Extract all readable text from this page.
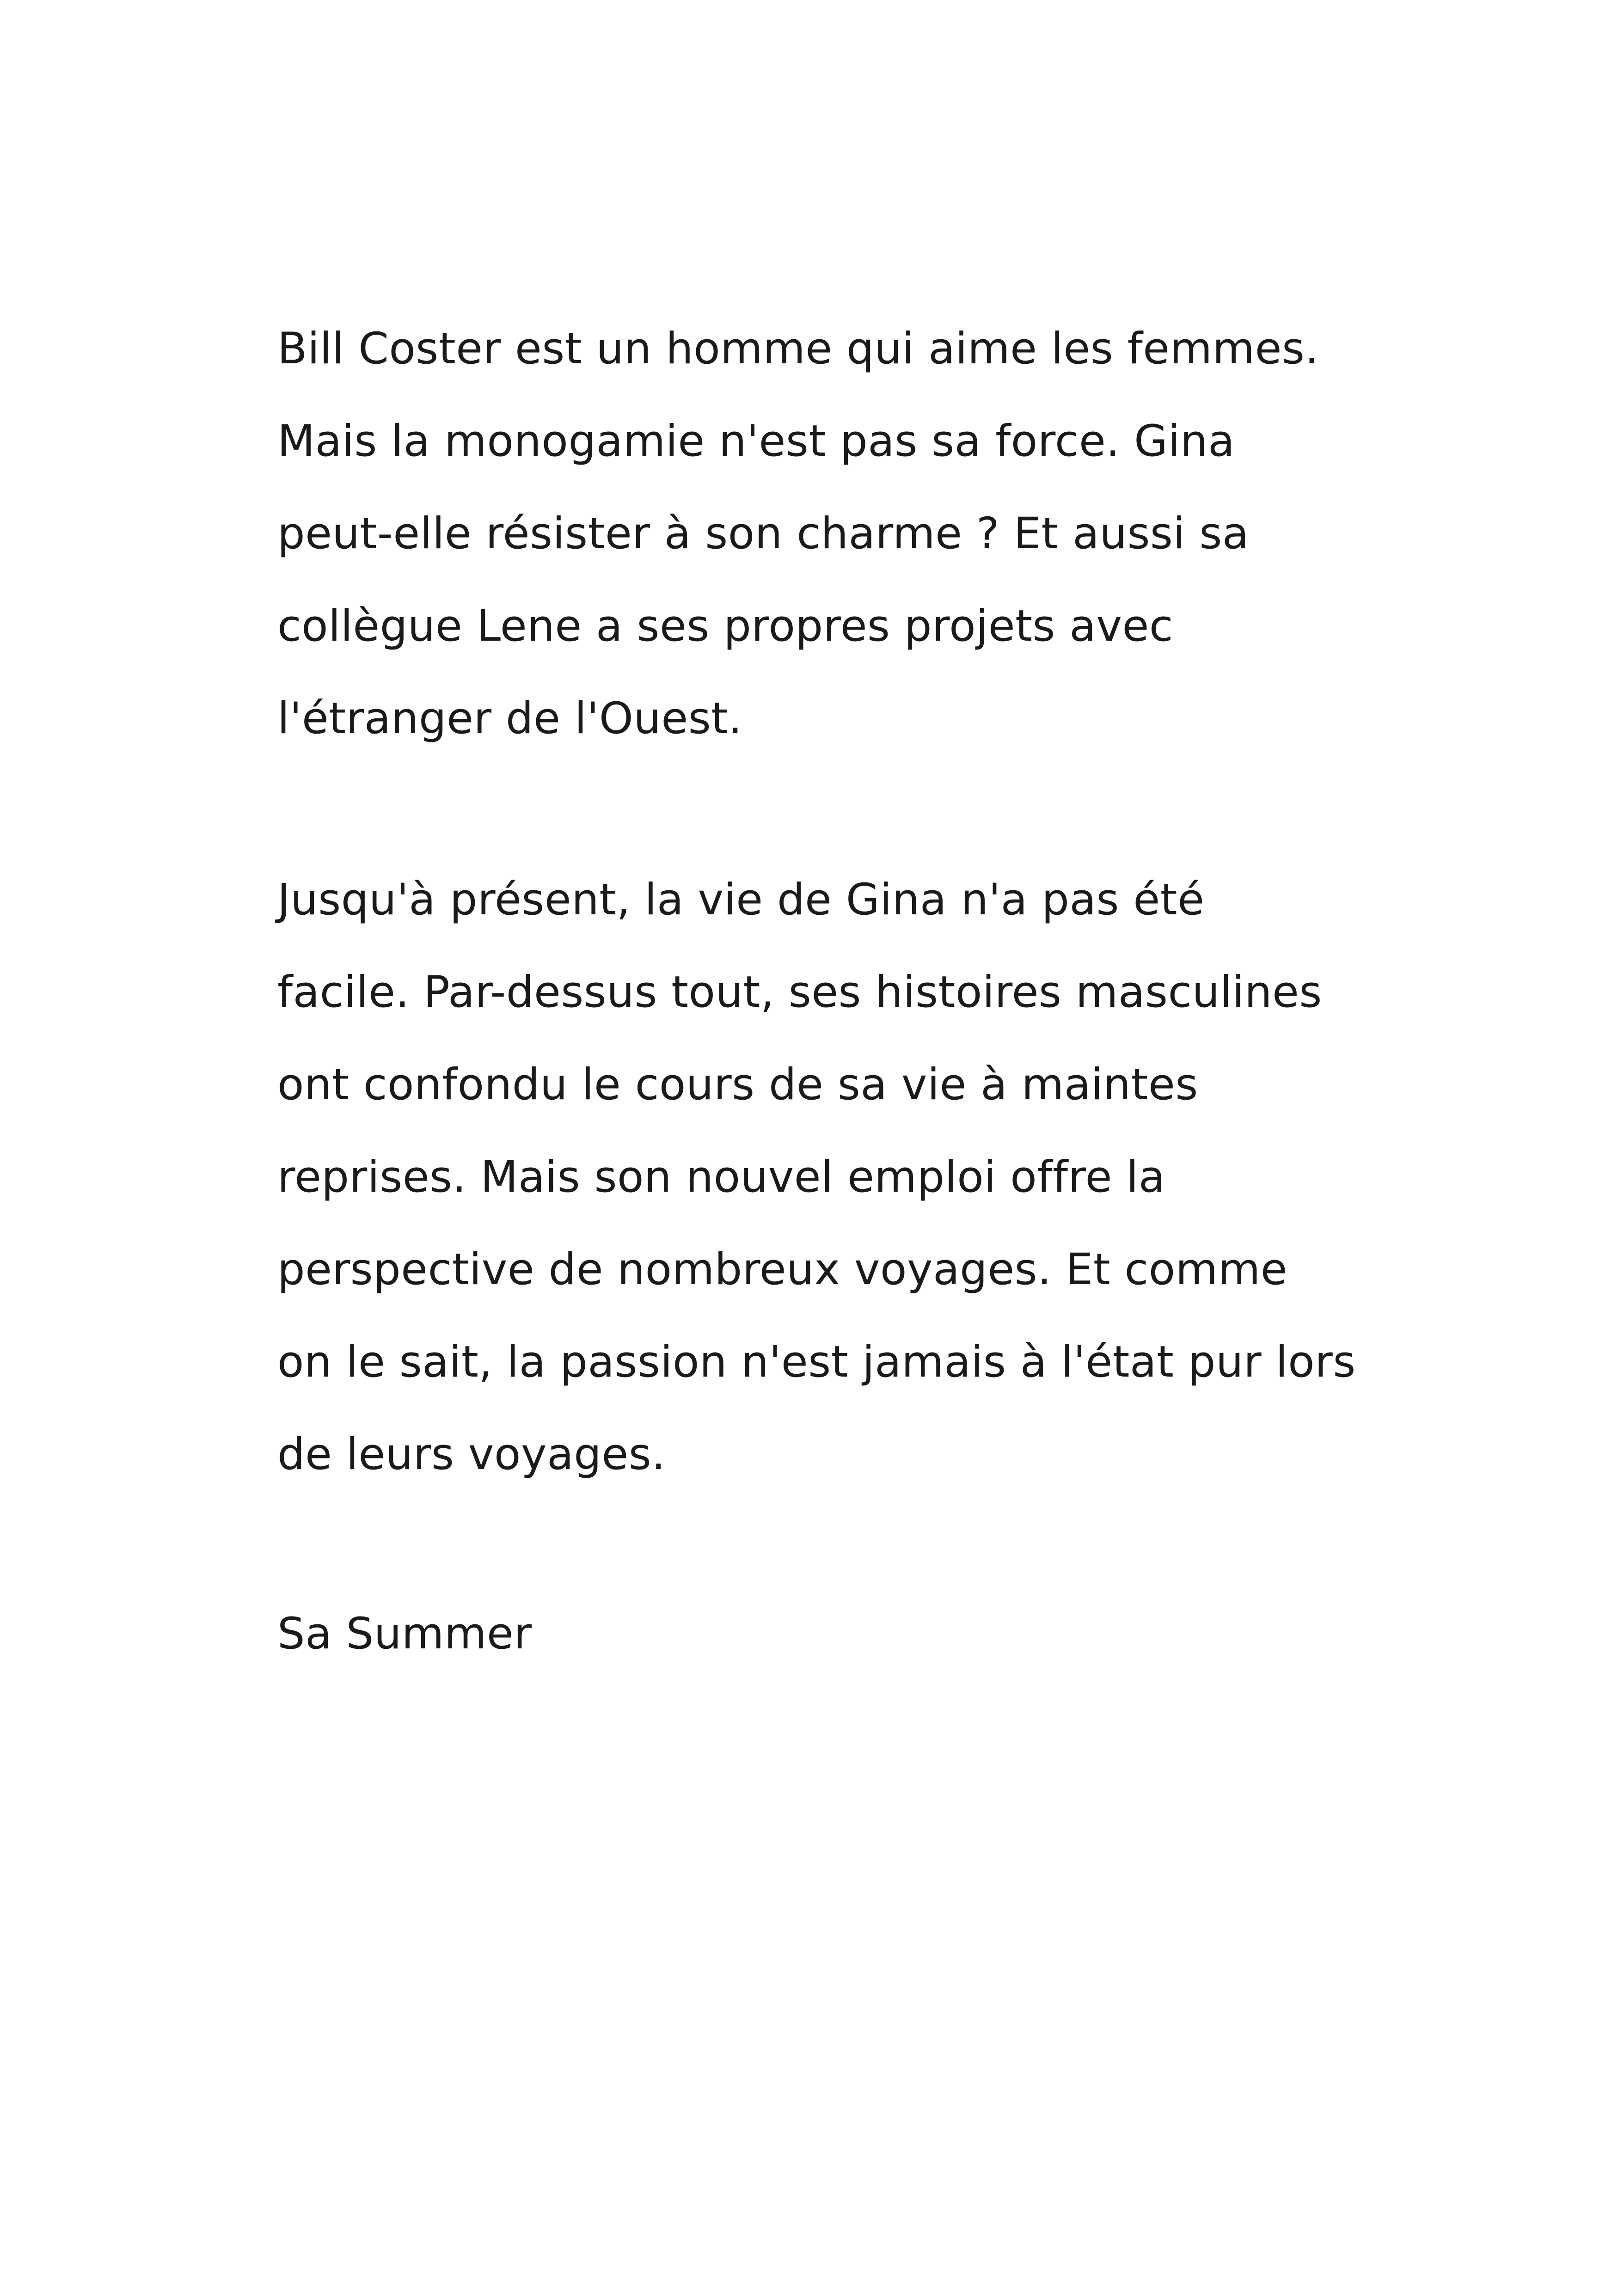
Bill Coster est un homme qui aime les femmes.
Mais la monogamie n'est pas sa force. Gina
peut-elle résister à son charme ? Et aussi sa
collègue Lene a ses propres projets avec
l'étranger de l'Ouest.
Jusqu'à présent, la vie de Gina n'a pas été
facile. Par-dessus tout, ses histoires masculines
ont confondu le cours de sa vie à maintes
reprises. Mais son nouvel emploi offre la
perspective de nombreux voyages. Et comme
on le sait, la passion n'est jamais à l'état pur lors
de leurs voyages.
Sa Summer
